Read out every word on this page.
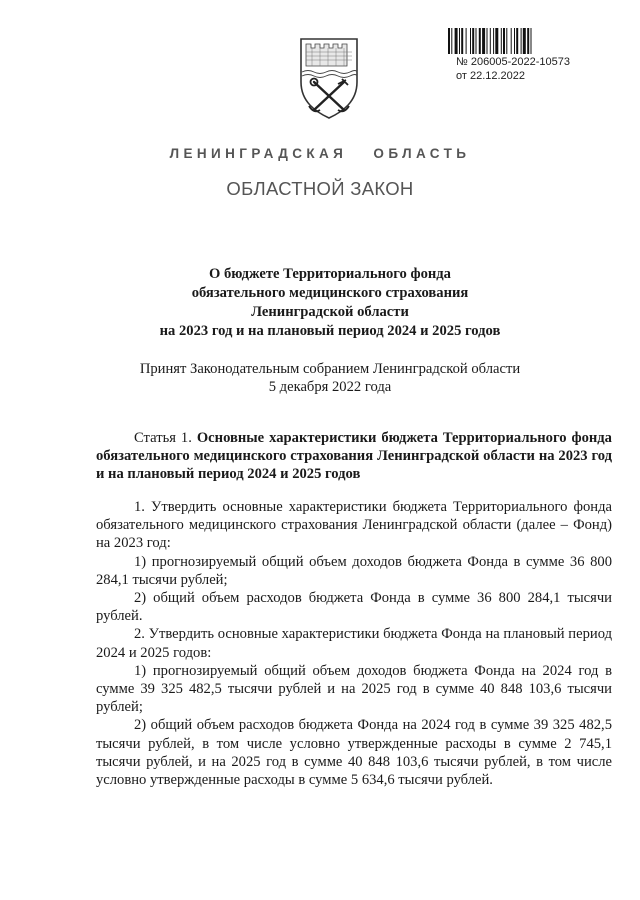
№ 206005-2022-10573
от 22.12.2022
ЛЕНИНГРАДСКАЯ ОБЛАСТЬ
ОБЛАСТНОЙ ЗАКОН
О бюджете Территориального фонда
обязательного медицинского страхования
Ленинградской области
на 2023 год и на плановый период 2024 и 2025 годов
Принят Законодательным собранием Ленинградской области
5 декабря 2022 года
Статья 1. Основные характеристики бюджета Территориального фонда обязательного медицинского страхования Ленинградской области на 2023 год и на плановый период 2024 и 2025 годов

1. Утвердить основные характеристики бюджета Территориального фонда обязательного медицинского страхования Ленинградской области (далее – Фонд) на 2023 год:

1) прогнозируемый общий объем доходов бюджета Фонда в сумме 36 800 284,1 тысячи рублей;

2) общий объем расходов бюджета Фонда в сумме 36 800 284,1 тысячи рублей.

2. Утвердить основные характеристики бюджета Фонда на плановый период 2024 и 2025 годов:

1) прогнозируемый общий объем доходов бюджета Фонда на 2024 год в сумме 39 325 482,5 тысячи рублей и на 2025 год в сумме 40 848 103,6 тысячи рублей;

2) общий объем расходов бюджета Фонда на 2024 год в сумме 39 325 482,5 тысячи рублей, в том числе условно утвержденные расходы в сумме 2 745,1 тысячи рублей, и на 2025 год в сумме 40 848 103,6 тысячи рублей, в том числе условно утвержденные расходы в сумме 5 634,6 тысячи рублей.
